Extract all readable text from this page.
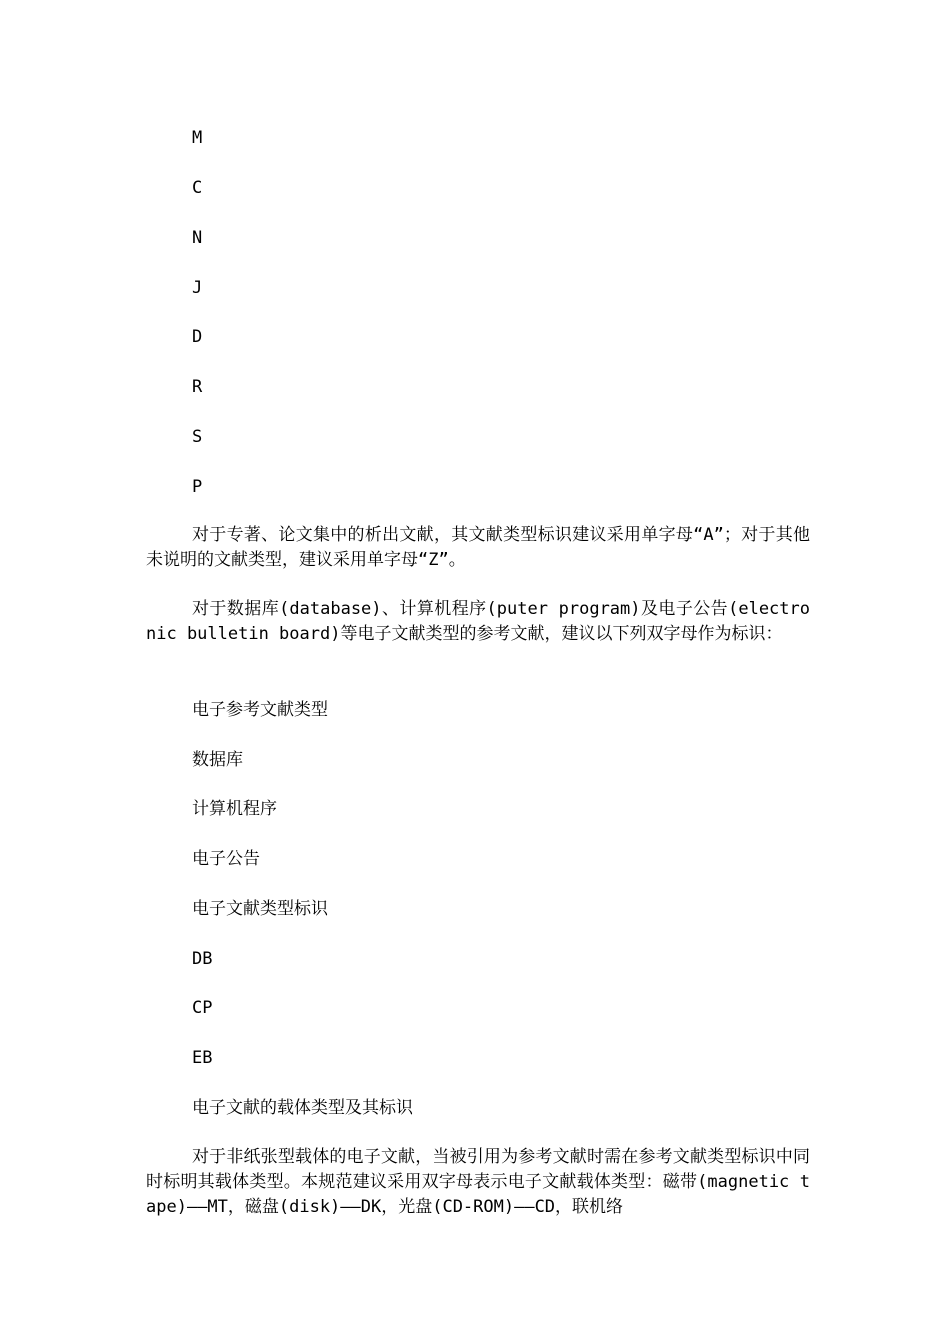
M
C
N
J
D
R
S
P
对于专著、论文集中的析出文献，其文献类型标识建议采用单字母“A”；对于其他未说明的文献类型，建议采用单字母“Z”。
对于数据库(database)、计算机程序(puter program)及电子公告(electronic bulletin board)等电子文献类型的参考文献，建议以下列双字母作为标识：
电子参考文献类型
数据库
计算机程序
电子公告
电子文献类型标识
DB
CP
EB
电子文献的载体类型及其标识
对于非纸张型载体的电子文献，当被引用为参考文献时需在参考文献类型标识中同时标明其载体类型。本规范建议采用双字母表示电子文献载体类型：磁带(magnetic tape)——MT，磁盘(disk)——DK，光盘(CD-ROM)——CD，联机络
